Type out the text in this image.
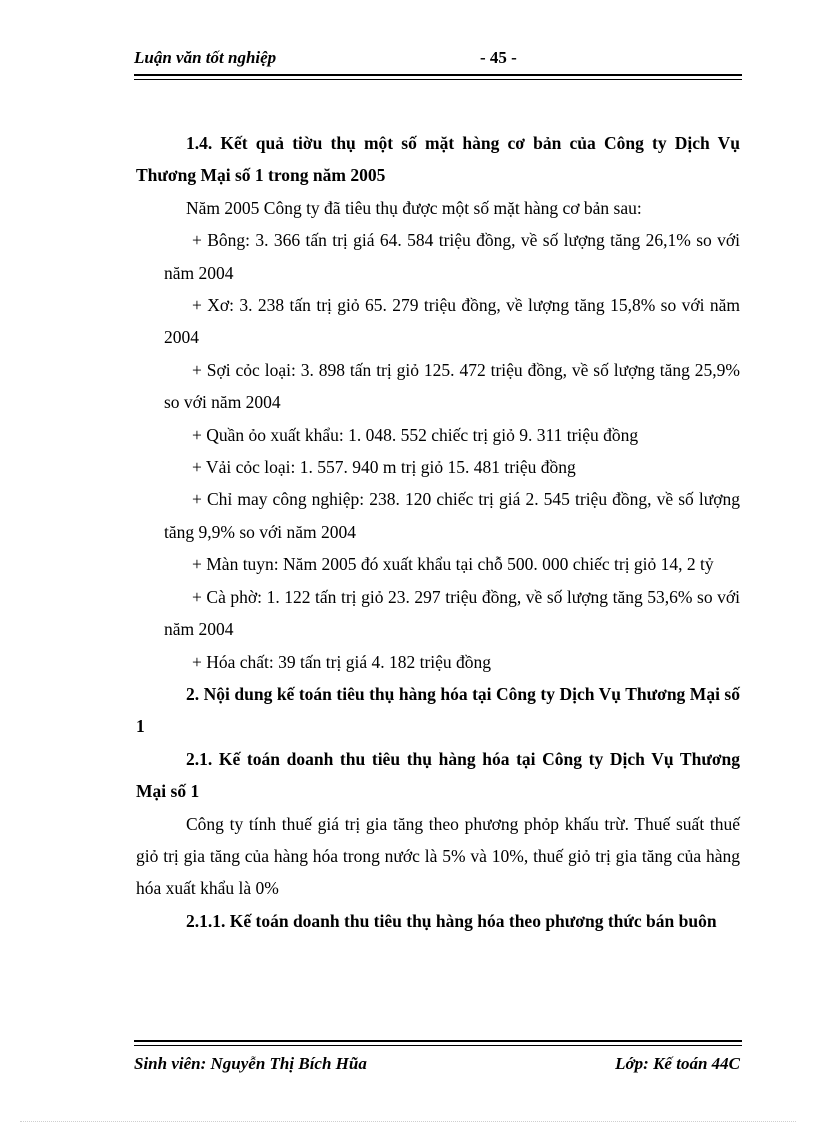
Luận văn tốt nghiệp	- 45 -

1.4. Kết quả tiờu thụ một số mặt hàng cơ bản của Công ty Dịch Vụ Thương Mại số 1 trong năm 2005

Năm 2005 Công ty đã tiêu thụ được một số mặt hàng cơ bản sau:

+ Bông: 3. 366 tấn trị giá 64. 584 triệu đồng, về số lượng tăng 26,1% so với năm 2004

+ Xơ: 3. 238 tấn trị giỏ 65. 279 triệu đồng, về lượng tăng 15,8% so với năm 2004

+ Sợi cỏc loại: 3. 898 tấn trị giỏ 125. 472 triệu đồng, về số lượng tăng 25,9% so với năm 2004

+ Quần ỏo xuất khẩu: 1. 048. 552 chiếc trị giỏ 9. 311 triệu đồng

+ Vải cỏc loại: 1. 557. 940 m trị giỏ 15. 481 triệu đồng

+ Chỉ may công nghiệp: 238. 120 chiếc trị giá 2. 545 triệu đồng, về số lượng tăng 9,9% so với năm 2004

+ Màn tuyn: Năm 2005 đó xuất khẩu tại chỗ 500. 000 chiếc trị giỏ 14, 2 tỷ

+ Cà phờ: 1. 122 tấn trị giỏ 23. 297 triệu đồng, về số lượng tăng 53,6% so với năm 2004

+ Hóa chất: 39 tấn trị giá 4. 182 triệu đồng

2. Nội dung kế toán tiêu thụ hàng hóa tại Công ty Dịch Vụ Thương Mại số 1

2.1. Kế toán doanh thu tiêu thụ hàng hóa tại Công ty Dịch Vụ Thương Mại số 1

Công ty tính thuế giá trị gia tăng theo phương phỏp khấu trừ. Thuế suất thuế giỏ trị gia tăng của hàng hóa trong nước là 5% và 10%, thuế giỏ trị gia tăng của hàng hóa xuất khẩu là 0%

2.1.1. Kế toán doanh thu tiêu thụ hàng hóa theo phương thức bán buôn

Sinh viên: Nguyễn Thị Bích Hũa	Lớp: Kế toán 44C
